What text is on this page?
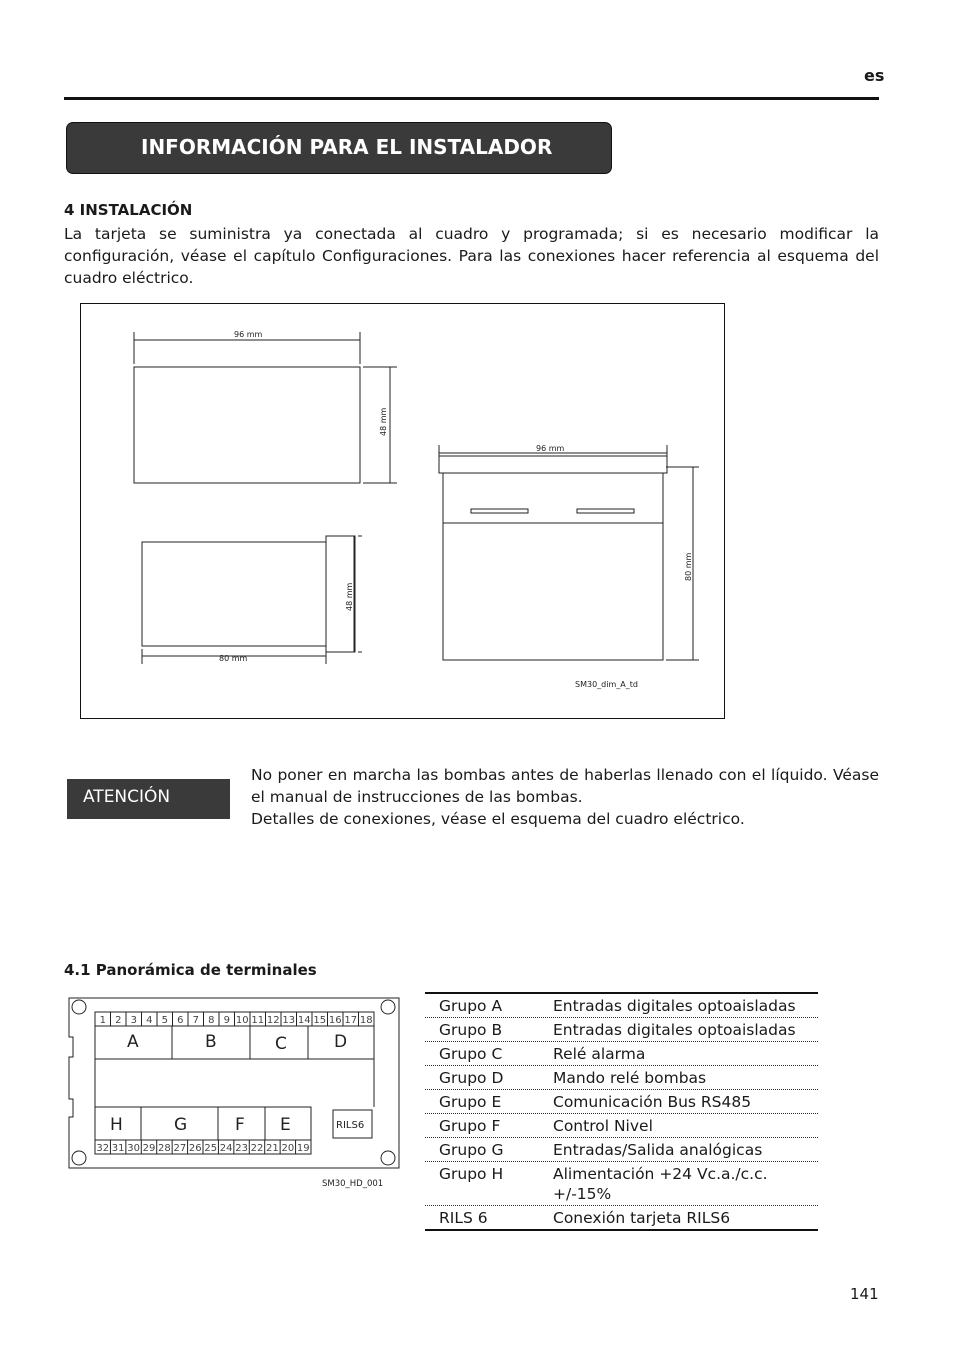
es
INFORMACIÓN PARA EL INSTALADOR
4 INSTALACIÓN
La tarjeta se suministra ya conectada al cuadro y programada; si es necesario modificar la configuración, véase el capítulo Configuraciones. Para las conexiones hacer referencia al esquema del cuadro eléctrico.
96 mm
48 mm
48 mm
80 mm
96 mm
80 mm
SM30_dim_A_td
ATENCIÓN
No poner en marcha las bombas antes de haberlas llenado con el líquido. Véase el manual de instrucciones de las bombas.
Detalles de conexiones, véase el esquema del cuadro eléctrico.
4.1 Panorámica de terminales
1 2 3 4 5 6 7 8 9 10 11 12 13 14 15 16 17 18
A	B	C	D
H	G	F E	RILS6
32 31 30 29 28 27 26 25 24 23 22 21 20 19
SM30_HD_001
Grupo A	Entradas digitales optoaisladas
Grupo B	Entradas digitales optoaisladas
Grupo C	Relé alarma
Grupo D	Mando relé bombas
Grupo E	Comunicación Bus RS485
Grupo F	Control Nivel
Grupo G	Entradas/Salida analógicas
Grupo H	Alimentación +24 Vc.a./c.c. +/-15%
RILS 6	Conexión tarjeta RILS6
141
